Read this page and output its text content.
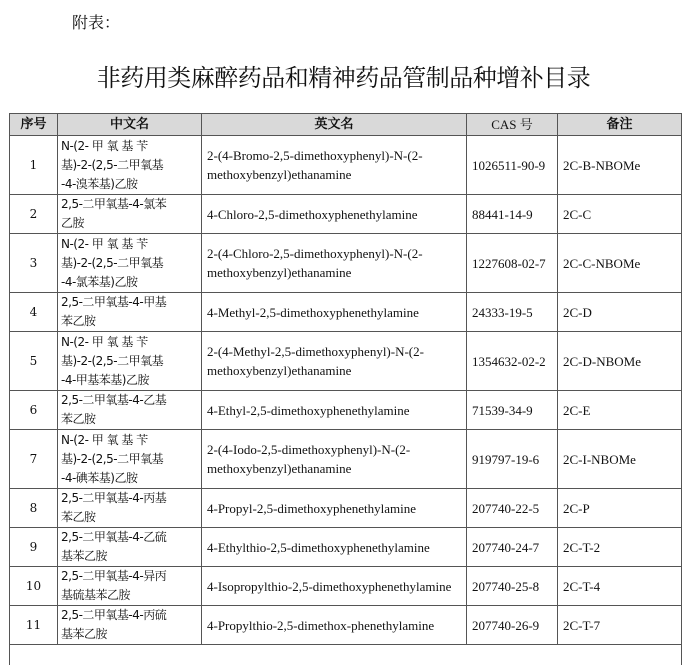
附表：
非药用类麻醉药品和精神药品管制品种增补目录
序号	中文名	英文名	CAS 号	备注
1	N-(2- 甲 氧 基 苄
基)-2-(2,5-二甲氧基
-4-溴苯基)乙胺	2-(4-Bromo-2,5-dimethoxyphenyl)-N-(2-methoxybenzyl)ethanamine	1026511-90-9	2C-B-NBOMe
2	2,5-二甲氧基-4-氯苯
乙胺	4-Chloro-2,5-dimethoxyphenethylamine	88441-14-9	2C-C
3	N-(2- 甲 氧 基 苄
基)-2-(2,5-二甲氧基
-4-氯苯基)乙胺	2-(4-Chloro-2,5-dimethoxyphenyl)-N-(2-methoxybenzyl)ethanamine	1227608-02-7	2C-C-NBOMe
4	2,5-二甲氧基-4-甲基
苯乙胺	4-Methyl-2,5-dimethoxyphenethylamine	24333-19-5	2C-D
5	N-(2- 甲 氧 基 苄
基)-2-(2,5-二甲氧基
-4-甲基苯基)乙胺	2-(4-Methyl-2,5-dimethoxyphenyl)-N-(2-methoxybenzyl)ethanamine	1354632-02-2	2C-D-NBOMe
6	2,5-二甲氧基-4-乙基
苯乙胺	4-Ethyl-2,5-dimethoxyphenethylamine	71539-34-9	2C-E
7	N-(2- 甲 氧 基 苄
基)-2-(2,5-二甲氧基
-4-碘苯基)乙胺	2-(4-Iodo-2,5-dimethoxyphenyl)-N-(2-methoxybenzyl)ethanamine	919797-19-6	2C-I-NBOMe
8	2,5-二甲氧基-4-丙基
苯乙胺	4-Propyl-2,5-dimethoxyphenethylamine	207740-22-5	2C-P
9	2,5-二甲氧基-4-乙硫
基苯乙胺	4-Ethylthio-2,5-dimethoxyphenethylamine	207740-24-7	2C-T-2
10	2,5-二甲氧基-4-异丙
基硫基苯乙胺	4-Isopropylthio-2,5-dimethoxyphenethylamine	207740-25-8	2C-T-4
11	2,5-二甲氧基-4-丙硫
基苯乙胺	4-Propylthio-2,5-dimethox-phenethylamine	207740-26-9	2C-T-7
